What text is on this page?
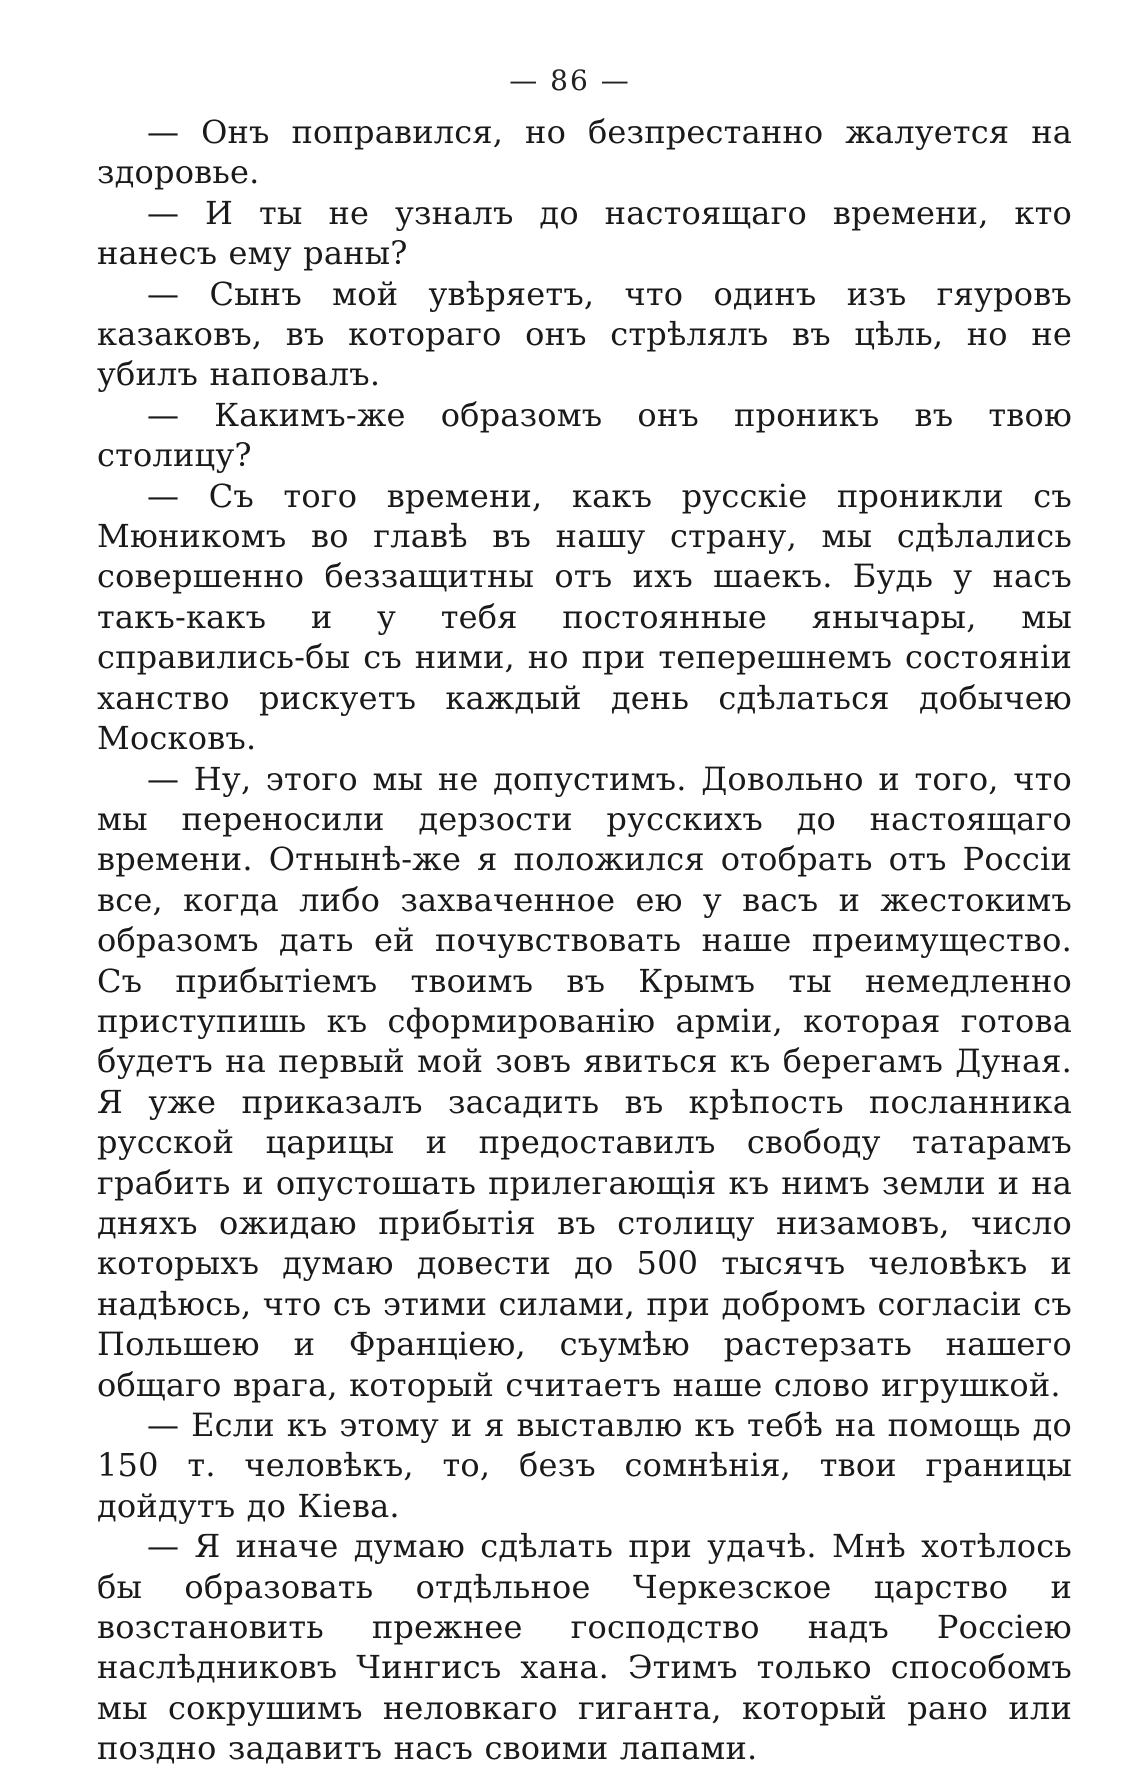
— 86 —

— Онъ поправился, но безпрестанно жалуется на здоровье.

— И ты не узналъ до настоящаго времени, кто нанесъ ему раны?

— Сынъ мой увѣряетъ, что одинъ изъ гяуровъ казаковъ, въ котораго онъ стрѣлялъ въ цѣль, но не убилъ наповалъ.

— Какимъ-же образомъ онъ проникъ въ твою столицу?

— Съ того времени, какъ русскiе проникли съ Мюникомъ во главѣ въ нашу страну, мы сдѣлались совершенно беззащитны отъ ихъ шаекъ. Будь у насъ такъ-какъ и у тебя постоянные янычары, мы справились-бы съ ними, но при теперешнемъ состоянiи ханство рискуетъ каждый день сдѣлаться добычею Московъ.

— Ну, этого мы не допустимъ. Довольно и того, что мы переносили дерзости русскихъ до настоящаго времени. Отнынѣ-же я положился отобрать отъ Россiи все, когда либо захваченное ею у васъ и жестокимъ образомъ дать ей почувствовать наше преимущество. Съ прибытiемъ твоимъ въ Крымъ ты немедленно приступишь къ сформированiю армiи, которая готова будетъ на первый мой зовъ явиться къ берегамъ Дуная. Я уже приказалъ засадить въ крѣпость посланника русской царицы и предоставилъ свободу татарамъ грабить и опустошать прилегающiя къ нимъ земли и на дняхъ ожидаю прибытiя въ столицу низамовъ, число которыхъ думаю довести до 500 тысячъ человѣкъ и надѣюсь, что съ этими силами, при добромъ согласiи съ Польшею и Францiею, съумѣю растерзать нашего общаго врага, который считаетъ наше слово игрушкой.

— Если къ этому и я выставлю къ тебѣ на помощь до 150 т. человѣкъ, то, безъ сомнѣнiя, твои границы дойдутъ до Кiева.

— Я иначе думаю сдѣлать при удачѣ. Мнѣ хотѣлось бы образовать отдѣльное Черкезское царство и возстановить прежнее господство надъ Россiею наслѣдниковъ Чингисъ хана. Этимъ только способомъ мы сокрушимъ неловкаго гиганта, который рано или поздно задавитъ насъ своими лапами.
